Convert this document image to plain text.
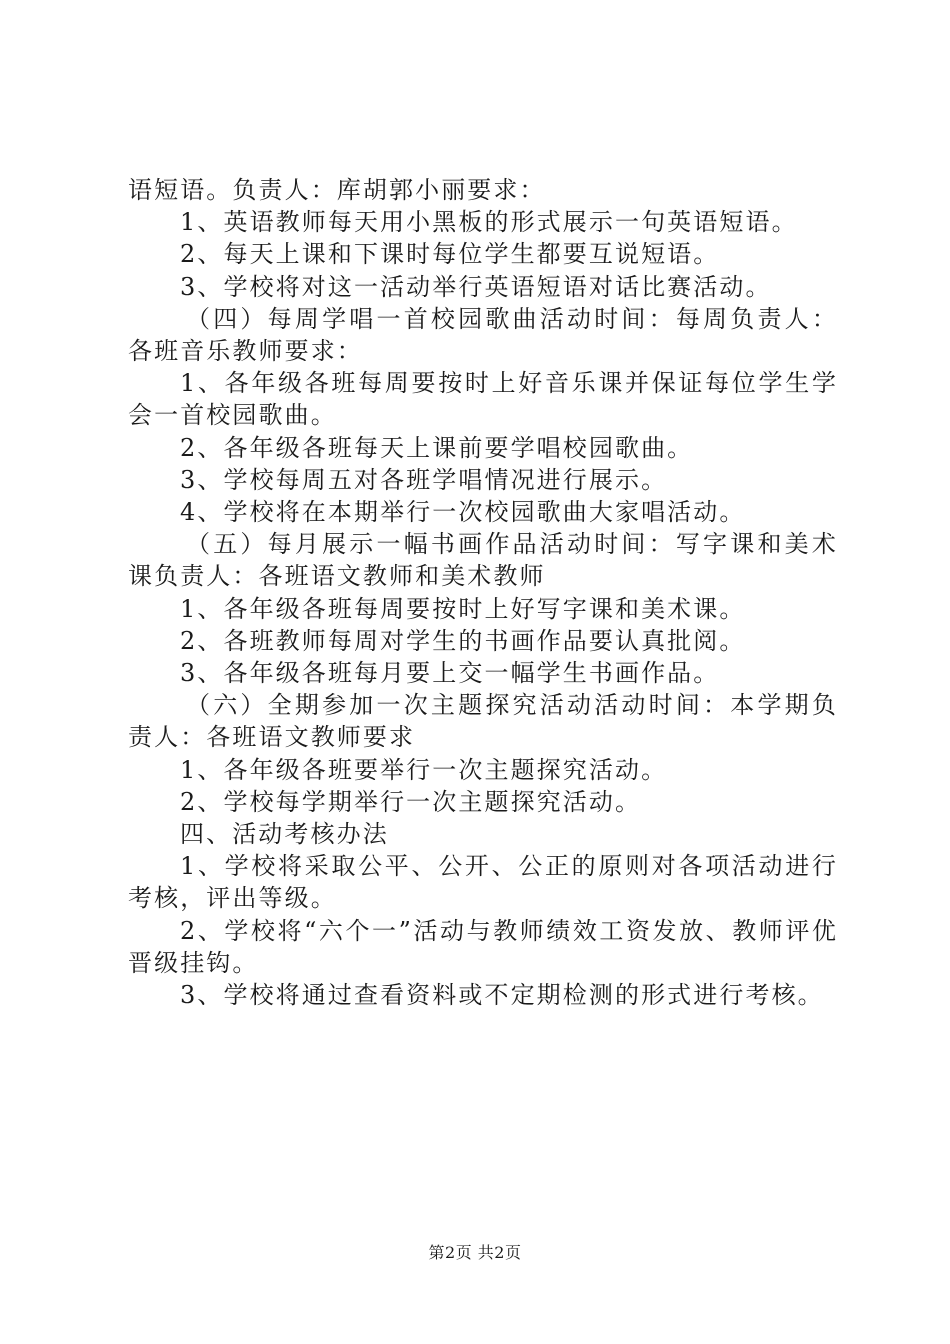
语短语。负责人：库胡郭小丽要求：

1、英语教师每天用小黑板的形式展示一句英语短语。

2、每天上课和下课时每位学生都要互说短语。

3、学校将对这一活动举行英语短语对话比赛活动。

（四）每周学唱一首校园歌曲活动时间：每周负责人：各班音乐教师要求：

1、各年级各班每周要按时上好音乐课并保证每位学生学会一首校园歌曲。

2、各年级各班每天上课前要学唱校园歌曲。

3、学校每周五对各班学唱情况进行展示。

4、学校将在本期举行一次校园歌曲大家唱活动。

（五）每月展示一幅书画作品活动时间：写字课和美术课负责人：各班语文教师和美术教师

1、各年级各班每周要按时上好写字课和美术课。

2、各班教师每周对学生的书画作品要认真批阅。

3、各年级各班每月要上交一幅学生书画作品。

（六）全期参加一次主题探究活动活动时间：本学期负责人：各班语文教师要求

1、各年级各班要举行一次主题探究活动。

2、学校每学期举行一次主题探究活动。

四、活动考核办法

1、学校将采取公平、公开、公正的原则对各项活动进行考核，评出等级。

2、学校将“六个一”活动与教师绩效工资发放、教师评优晋级挂钩。

3、学校将通过查看资料或不定期检测的形式进行考核。

第2页 共2页
